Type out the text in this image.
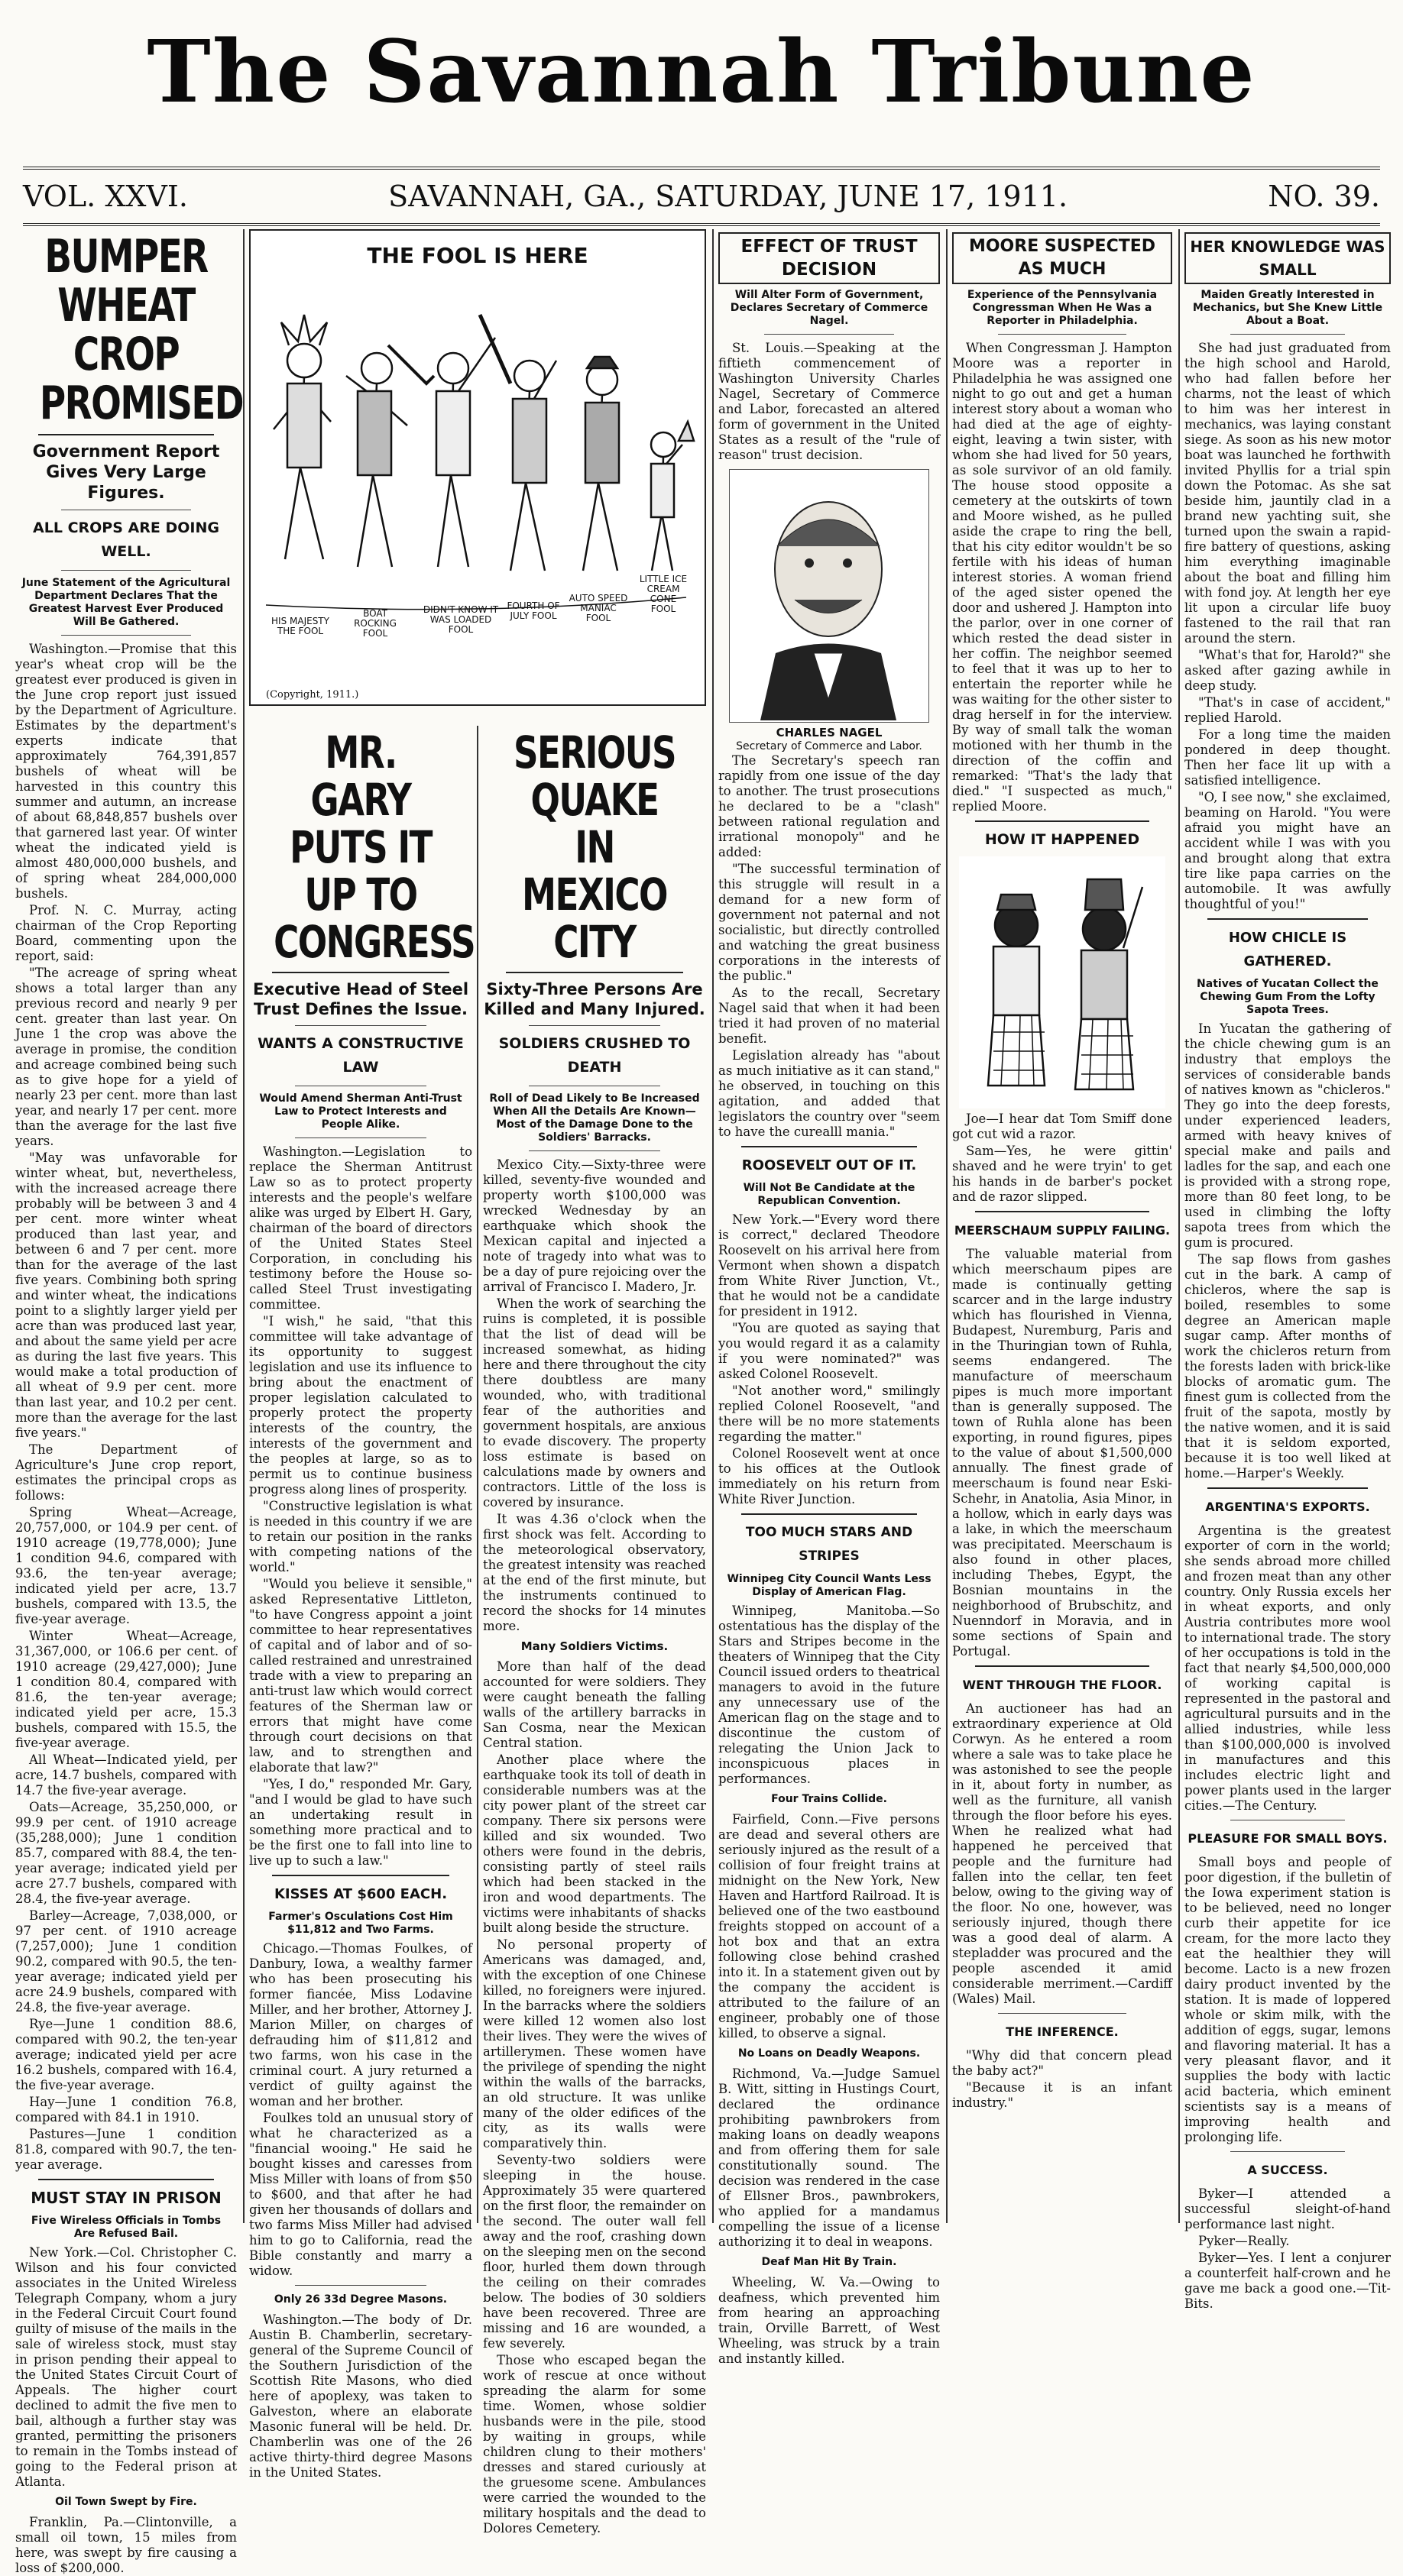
The Savannah Tribune
VOL. XXVI.	SAVANNAH, GA., SATURDAY, JUNE 17, 1911.	NO. 39.
BUMPER WHEAT CROP PROMISED
Government Report Gives Very Large Figures.
ALL CROPS ARE DOING WELL.
June Statement of the Agricultural Department Declares That the Greatest Harvest Ever Produced Will Be Gathered.

Washington.—Promise that this year's wheat crop will be the greatest ever produced is given in the June crop report just issued by the Department of Agriculture. Estimates by the department's experts indicate that approximately 764,391,857 bushels of wheat will be harvested in this country this summer and autumn, an increase of about 68,848,857 bushels over that garnered last year. Of winter wheat the indicated yield is almost 480,000,000 bushels, and of spring wheat 284,000,000 bushels.

Prof. N. C. Murray, acting chairman of the Crop Reporting Board, commenting upon the report, said:

"The acreage of spring wheat shows a total larger than any previous record and nearly 9 per cent. greater than last year. On June 1 the crop was above the average in promise, the condition and acreage combined being such as to give hope for a yield of nearly 23 per cent. more than last year, and nearly 17 per cent. more than the average for the last five years.

"May was unfavorable for winter wheat, but, nevertheless, with the increased acreage there probably will be between 3 and 4 per cent. more winter wheat produced than last year, and between 6 and 7 per cent. more than for the average of the last five years. Combining both spring and winter wheat, the indications point to a slightly larger yield per acre than was produced last year, and about the same yield per acre as during the last five years. This would make a total production of all wheat of 9.9 per cent. more than last year, and 10.2 per cent. more than the average for the last five years."

The Department of Agriculture's June crop report, estimates the principal crops as follows:

Spring Wheat—Acreage, 20,757,000, or 104.9 per cent. of 1910 acreage (19,778,000); June 1 condition 94.6, compared with 93.6, the ten-year average; indicated yield per acre, 13.7 bushels, compared with 13.5, the five-year average.

Winter Wheat—Acreage, 31,367,000, or 106.6 per cent. of 1910 acreage (29,427,000); June 1 condition 80.4, compared with 81.6, the ten-year average; indicated yield per acre, 15.3 bushels, compared with 15.5, the five-year average.

All Wheat—Indicated yield, per acre, 14.7 bushels, compared with 14.7 the five-year average.

Oats—Acreage, 35,250,000, or 99.9 per cent. of 1910 acreage (35,288,000); June 1 condition 85.7, compared with 88.4, the ten-year average; indicated yield per acre 27.7 bushels, compared with 28.4, the five-year average.

Barley—Acreage, 7,038,000, or 97 per cent. of 1910 acreage (7,257,000); June 1 condition 90.2, compared with 90.5, the ten-year average; indicated yield per acre 24.9 bushels, compared with 24.8, the five-year average.

Rye—June 1 condition 88.6, compared with 90.2, the ten-year average; indicated yield per acre 16.2 bushels, compared with 16.4, the five-year average.

Hay—June 1 condition 76.8, compared with 84.1 in 1910.

Pastures—June 1 condition 81.8, compared with 90.7, the ten-year average.

MUST STAY IN PRISON
Five Wireless Officials in Tombs Are Refused Bail.

New York.—Col. Christopher C. Wilson and his four convicted associates in the United Wireless Telegraph Company, whom a jury in the Federal Circuit Court found guilty of misuse of the mails in the sale of wireless stock, must stay in prison pending their appeal to the United States Circuit Court of Appeals. The higher court declined to admit the five men to bail, although a further stay was granted, permitting the prisoners to remain in the Tombs instead of going to the Federal prison at Atlanta.

Oil Town Swept by Fire.

Franklin, Pa.—Clintonville, a small oil town, 15 miles from here, was swept by fire causing a loss of $200,000.

THE FOOL IS HERE
HIS MAJESTY THE FOOL
BOAT ROCKING FOOL
DIDN'T KNOW IT WAS LOADED FOOL
FOURTH OF JULY FOOL
AUTO SPEED MANIAC FOOL
LITTLE ICE CREAM CONE FOOL
(Copyright, 1911.)
MR. GARY PUTS IT UP TO CONGRESS
Executive Head of Steel Trust Defines the Issue.
WANTS A CONSTRUCTIVE LAW
Would Amend Sherman Anti-Trust Law to Protect Interests and People Alike.

Washington.—Legislation to replace the Sherman Antitrust Law so as to protect property interests and the people's welfare alike was urged by Elbert H. Gary, chairman of the board of directors of the United States Steel Corporation, in concluding his testimony before the House so-called Steel Trust investigating committee.

"I wish," he said, "that this committee will take advantage of its opportunity to suggest legislation and use its influence to bring about the enactment of proper legislation calculated to properly protect the property interests of the country, the interests of the government and the peoples at large, so as to permit us to continue business progress along lines of prosperity.

"Constructive legislation is what is needed in this country if we are to retain our position in the ranks with competing nations of the world."

"Would you believe it sensible," asked Representative Littleton, "to have Congress appoint a joint committee to hear representatives of capital and of labor and of so-called restrained and unrestrained trade with a view to preparing an anti-trust law which would correct features of the Sherman law or errors that might have come through court decisions on that law, and to strengthen and elaborate that law?"

"Yes, I do," responded Mr. Gary, "and I would be glad to have such an undertaking result in something more practical and to be the first one to fall into line to live up to such a law."

KISSES AT $600 EACH.
Farmer's Osculations Cost Him $11,812 and Two Farms.

Chicago.—Thomas Foulkes, of Danbury, Iowa, a wealthy farmer who has been prosecuting his former fiancée, Miss Lodavine Miller, and her brother, Attorney J. Marion Miller, on charges of defrauding him of $11,812 and two farms, won his case in the criminal court. A jury returned a verdict of guilty against the woman and her brother.

Foulkes told an unusual story of what he characterized as a "financial wooing." He said he bought kisses and caresses from Miss Miller with loans of from $50 to $600, and that after he had given her thousands of dollars and two farms Miss Miller had advised him to go to California, read the Bible constantly and marry a widow.

Only 26 33d Degree Masons.

Washington.—The body of Dr. Austin B. Chamberlin, secretary-general of the Supreme Council of the Southern Jurisdiction of the Scottish Rite Masons, who died here of apoplexy, was taken to Galveston, where an elaborate Masonic funeral will be held. Dr. Chamberlin was one of the 26 active thirty-third degree Masons in the United States.

SERIOUS QUAKE IN MEXICO CITY
Sixty-Three Persons Are Killed and Many Injured.
SOLDIERS CRUSHED TO DEATH
Roll of Dead Likely to Be Increased When All the Details Are Known—Most of the Damage Done to the Soldiers' Barracks.

Mexico City.—Sixty-three were killed, seventy-five wounded and property worth $100,000 was wrecked Wednesday by an earthquake which shook the Mexican capital and injected a note of tragedy into what was to be a day of pure rejoicing over the arrival of Francisco I. Madero, Jr.

When the work of searching the ruins is completed, it is possible that the list of dead will be increased somewhat, as hiding here and there throughout the city there doubtless are many wounded, who, with traditional fear of the authorities and government hospitals, are anxious to evade discovery. The property loss estimate is based on calculations made by owners and contractors. Little of the loss is covered by insurance.

It was 4.36 o'clock when the first shock was felt. According to the meteorological observatory, the greatest intensity was reached at the end of the first minute, but the instruments continued to record the shocks for 14 minutes more.

Many Soldiers Victims.

More than half of the dead accounted for were soldiers. They were caught beneath the falling walls of the artillery barracks in San Cosma, near the Mexican Central station.

Another place where the earthquake took its toll of death in considerable numbers was at the city power plant of the street car company. There six persons were killed and six wounded. Two others were found in the debris, consisting partly of steel rails which had been stacked in the iron and wood departments. The victims were inhabitants of shacks built along beside the structure.

No personal property of Americans was damaged, and, with the exception of one Chinese killed, no foreigners were injured. In the barracks where the soldiers were killed 12 women also lost their lives. They were the wives of artillerymen. These women have the privilege of spending the night within the walls of the barracks, an old structure. It was unlike many of the older edifices of the city, as its walls were comparatively thin.

Seventy-two soldiers were sleeping in the house. Approximately 35 were quartered on the first floor, the remainder on the second. The outer wall fell away and the roof, crashing down on the sleeping men on the second floor, hurled them down through the ceiling on their comrades below. The bodies of 30 soldiers have been recovered. Three are missing and 16 are wounded, a few severely.

Those who escaped began the work of rescue at once without spreading the alarm for some time. Women, whose soldier husbands were in the pile, stood by waiting in groups, while children clung to their mothers' dresses and stared curiously at the gruesome scene. Ambulances were carried the wounded to the military hospitals and the dead to Dolores Cemetery.

EFFECT OF TRUST DECISION
Will Alter Form of Government, Declares Secretary of Commerce Nagel.

St. Louis.—Speaking at the fiftieth commencement of Washington University Charles Nagel, Secretary of Commerce and Labor, forecasted an altered form of government in the United States as a result of the "rule of reason" trust decision.

CHARLES NAGEL
Secretary of Commerce and Labor.

The Secretary's speech ran rapidly from one issue of the day to another. The trust prosecutions he declared to be a "clash" between rational regulation and irrational monopoly" and he added:

"The successful termination of this struggle will result in a demand for a new form of government not paternal and not socialistic, but directly controlled and watching the great business corporations in the interests of the public."

As to the recall, Secretary Nagel said that when it had been tried it had proven of no material benefit.

Legislation already has "about as much initiative as it can stand," he observed, in touching on this agitation, and added that legislators the country over "seem to have the curealll mania."

ROOSEVELT OUT OF IT.
Will Not Be Candidate at the Republican Convention.

New York.—"Every word there is correct," declared Theodore Roosevelt on his arrival here from Vermont when shown a dispatch from White River Junction, Vt., that he would not be a candidate for president in 1912.

"You are quoted as saying that you would regard it as a calamity if you were nominated?" was asked Colonel Roosevelt.

"Not another word," smilingly replied Colonel Roosevelt, "and there will be no more statements regarding the matter."

Colonel Roosevelt went at once to his offices at the Outlook immediately on his return from White River Junction.

TOO MUCH STARS AND STRIPES
Winnipeg City Council Wants Less Display of American Flag.

Winnipeg, Manitoba.—So ostentatious has the display of the Stars and Stripes become in the theaters of Winnipeg that the City Council issued orders to theatrical managers to avoid in the future any unnecessary use of the American flag on the stage and to discontinue the custom of relegating the Union Jack to inconspicuous places in performances.

Four Trains Collide.

Fairfield, Conn.—Five persons are dead and several others are seriously injured as the result of a collision of four freight trains at midnight on the New York, New Haven and Hartford Railroad. It is believed one of the two eastbound freights stopped on account of a hot box and that an extra following close behind crashed into it. In a statement given out by the company the accident is attributed to the failure of an engineer, probably one of those killed, to observe a signal.

No Loans on Deadly Weapons.

Richmond, Va.—Judge Samuel B. Witt, sitting in Hustings Court, declared the ordinance prohibiting pawnbrokers from making loans on deadly weapons and from offering them for sale constitutionally sound. The decision was rendered in the case of Ellsner Bros., pawnbrokers, who applied for a mandamus compelling the issue of a license authorizing it to deal in weapons.

Deaf Man Hit By Train.

Wheeling, W. Va.—Owing to deafness, which prevented him from hearing an approaching train, Orville Barrett, of West Wheeling, was struck by a train and instantly killed.

MOORE SUSPECTED AS MUCH
Experience of the Pennsylvania Congressman When He Was a Reporter in Philadelphia.

When Congressman J. Hampton Moore was a reporter in Philadelphia he was assigned one night to go out and get a human interest story about a woman who had died at the age of eighty-eight, leaving a twin sister, with whom she had lived for 50 years, as sole survivor of an old family. The house stood opposite a cemetery at the outskirts of town and Moore wished, as he pulled aside the crape to ring the bell, that his city editor wouldn't be so fertile with his ideas of human interest stories. A woman friend of the aged sister opened the door and ushered J. Hampton into the parlor, over in one corner of which rested the dead sister in her coffin. The neighbor seemed to feel that it was up to her to entertain the reporter while he was waiting for the other sister to drag herself in for the interview. By way of small talk the woman motioned with her thumb in the direction of the coffin and remarked: "That's the lady that died." "I suspected as much," replied Moore.

HOW IT HAPPENED

Joe—I hear dat Tom Smiff done got cut wid a razor.

Sam—Yes, he were gittin' shaved and he were tryin' to get his hands in de barber's pocket and de razor slipped.

MEERSCHAUM SUPPLY FAILING.

The valuable material from which meerschaum pipes are made is continually getting scarcer and in the large industry which has flourished in Vienna, Budapest, Nuremburg, Paris and in the Thuringian town of Ruhla, seems endangered. The manufacture of meerschaum pipes is much more important than is generally supposed. The town of Ruhla alone has been exporting, in round figures, pipes to the value of about $1,500,000 annually. The finest grade of meerschaum is found near Eski-Schehr, in Anatolia, Asia Minor, in a hollow, which in early days was a lake, in which the meerschaum was precipitated. Meerschaum is also found in other places, including Thebes, Egypt, the Bosnian mountains in the neighborhood of Brubschitz, and Nuenndorf in Moravia, and in some sections of Spain and Portugal.

WENT THROUGH THE FLOOR.

An auctioneer has had an extraordinary experience at Old Corwyn. As he entered a room where a sale was to take place he was astonished to see the people in it, about forty in number, as well as the furniture, all vanish through the floor before his eyes. When he realized what had happened he perceived that people and the furniture had fallen into the cellar, ten feet below, owing to the giving way of the floor. No one, however, was seriously injured, though there was a good deal of alarm. A stepladder was procured and the people ascended it amid considerable merriment.—Cardiff (Wales) Mail.

THE INFERENCE.

"Why did that concern plead the baby act?"

"Because it is an infant industry."

HER KNOWLEDGE WAS SMALL
Maiden Greatly Interested in Mechanics, but She Knew Little About a Boat.

She had just graduated from the high school and Harold, who had fallen before her charms, not the least of which to him was her interest in mechanics, was laying constant siege. As soon as his new motor boat was launched he forthwith invited Phyllis for a trial spin down the Potomac. As she sat beside him, jauntily clad in a brand new yachting suit, she turned upon the swain a rapid-fire battery of questions, asking him everything imaginable about the boat and filling him with fond joy. At length her eye lit upon a circular life buoy fastened to the rail that ran around the stern.

"What's that for, Harold?" she asked after gazing awhile in deep study.

"That's in case of accident," replied Harold.

For a long time the maiden pondered in deep thought. Then her face lit up with a satisfied intelligence.

"O, I see now," she exclaimed, beaming on Harold. "You were afraid you might have an accident while I was with you and brought along that extra tire like papa carries on the automobile. It was awfully thoughtful of you!"

HOW CHICLE IS GATHERED.
Natives of Yucatan Collect the Chewing Gum From the Lofty Sapota Trees.

In Yucatan the gathering of the chicle chewing gum is an industry that employs the services of considerable bands of natives known as "chicleros." They go into the deep forests, under experienced leaders, armed with heavy knives of special make and pails and ladles for the sap, and each one is provided with a strong rope, more than 80 feet long, to be used in climbing the lofty sapota trees from which the gum is procured.

The sap flows from gashes cut in the bark. A camp of chicleros, where the sap is boiled, resembles to some degree an American maple sugar camp. After months of work the chicleros return from the forests laden with brick-like blocks of aromatic gum. The finest gum is collected from the fruit of the sapota, mostly by the native women, and it is said that it is seldom exported, because it is too well liked at home.—Harper's Weekly.

ARGENTINA'S EXPORTS.

Argentina is the greatest exporter of corn in the world; she sends abroad more chilled and frozen meat than any other country. Only Russia excels her in wheat exports, and only Austria contributes more wool to international trade. The story of her occupations is told in the fact that nearly $4,500,000,000 of working capital is represented in the pastoral and agricultural pursuits and in the allied industries, while less than $100,000,000 is involved in manufactures and this includes electric light and power plants used in the larger cities.—The Century.

PLEASURE FOR SMALL BOYS.

Small boys and people of poor digestion, if the bulletin of the Iowa experiment station is to be believed, need no longer curb their appetite for ice cream, for the more lacto they eat the healthier they will become. Lacto is a new frozen dairy product invented by the station. It is made of loppered whole or skim milk, with the addition of eggs, sugar, lemons and flavoring material. It has a very pleasant flavor, and it supplies the body with lactic acid bacteria, which eminent scientists say is a means of improving health and prolonging life.

A SUCCESS.

Byker—I attended a successful sleight-of-hand performance last night.

Pyker—Really.

Byker—Yes. I lent a conjurer a counterfeit half-crown and he gave me back a good one.—Tit-Bits.
